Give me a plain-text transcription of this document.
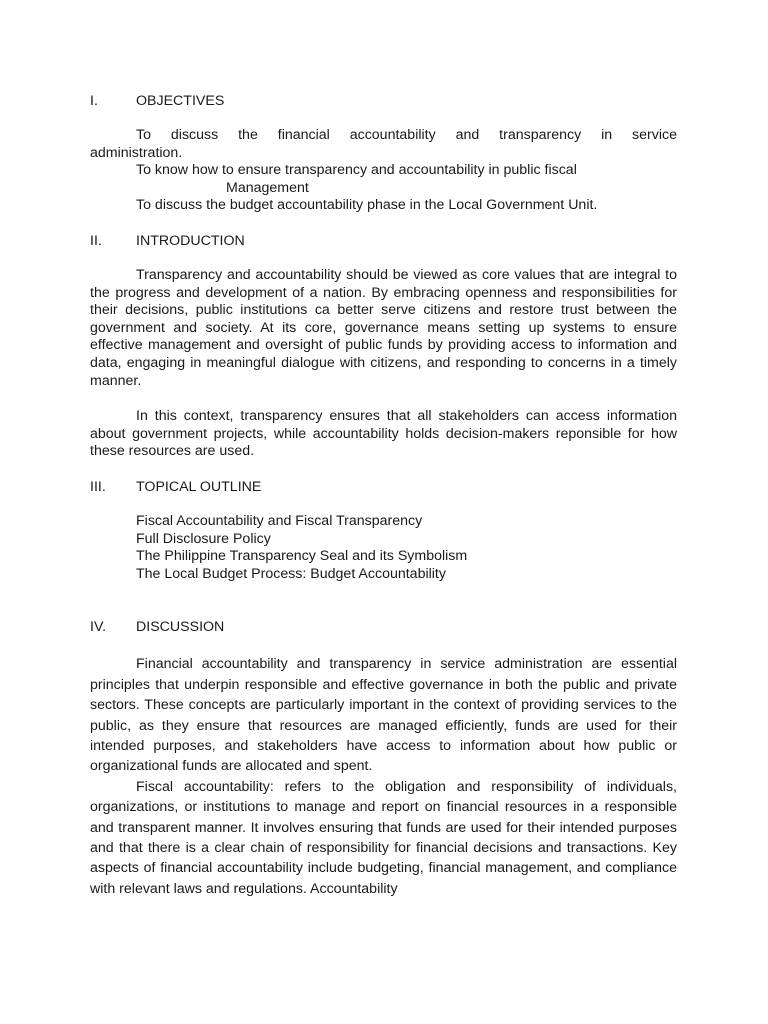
I.	OBJECTIVES
To discuss the financial accountability and transparency in service
administration.
To know how to ensure transparency and accountability in public fiscal
Management
To discuss the budget accountability phase in the Local Government Unit.
II.	INTRODUCTION

Transparency and accountability should be viewed as core values that are integral to the progress and development of a nation. By embracing openness and responsibilities for their decisions, public institutions ca better serve citizens and restore trust between the government and society. At its core, governance means setting up systems to ensure effective management and oversight of public funds by providing access to information and data, engaging in meaningful dialogue with citizens, and responding to concerns in a timely manner.

In this context, transparency ensures that all stakeholders can access information about government projects, while accountability holds decision-makers reponsible for how these resources are used.

III.	TOPICAL OUTLINE
Fiscal Accountability and Fiscal Transparency
Full Disclosure Policy
The Philippine Transparency Seal and its Symbolism
The Local Budget Process: Budget Accountability
IV.	DISCUSSION

Financial accountability and transparency in service administration are essential principles that underpin responsible and effective governance in both the public and private sectors. These concepts are particularly important in the context of providing services to the public, as they ensure that resources are managed efficiently, funds are used for their intended purposes, and stakeholders have access to information about how public or organizational funds are allocated and spent.

Fiscal accountability: refers to the obligation and responsibility of individuals, organizations, or institutions to manage and report on financial resources in a responsible and transparent manner. It involves ensuring that funds are used for their intended purposes and that there is a clear chain of responsibility for financial decisions and transactions. Key aspects of financial accountability include budgeting, financial management, and compliance with relevant laws and regulations. Accountability
